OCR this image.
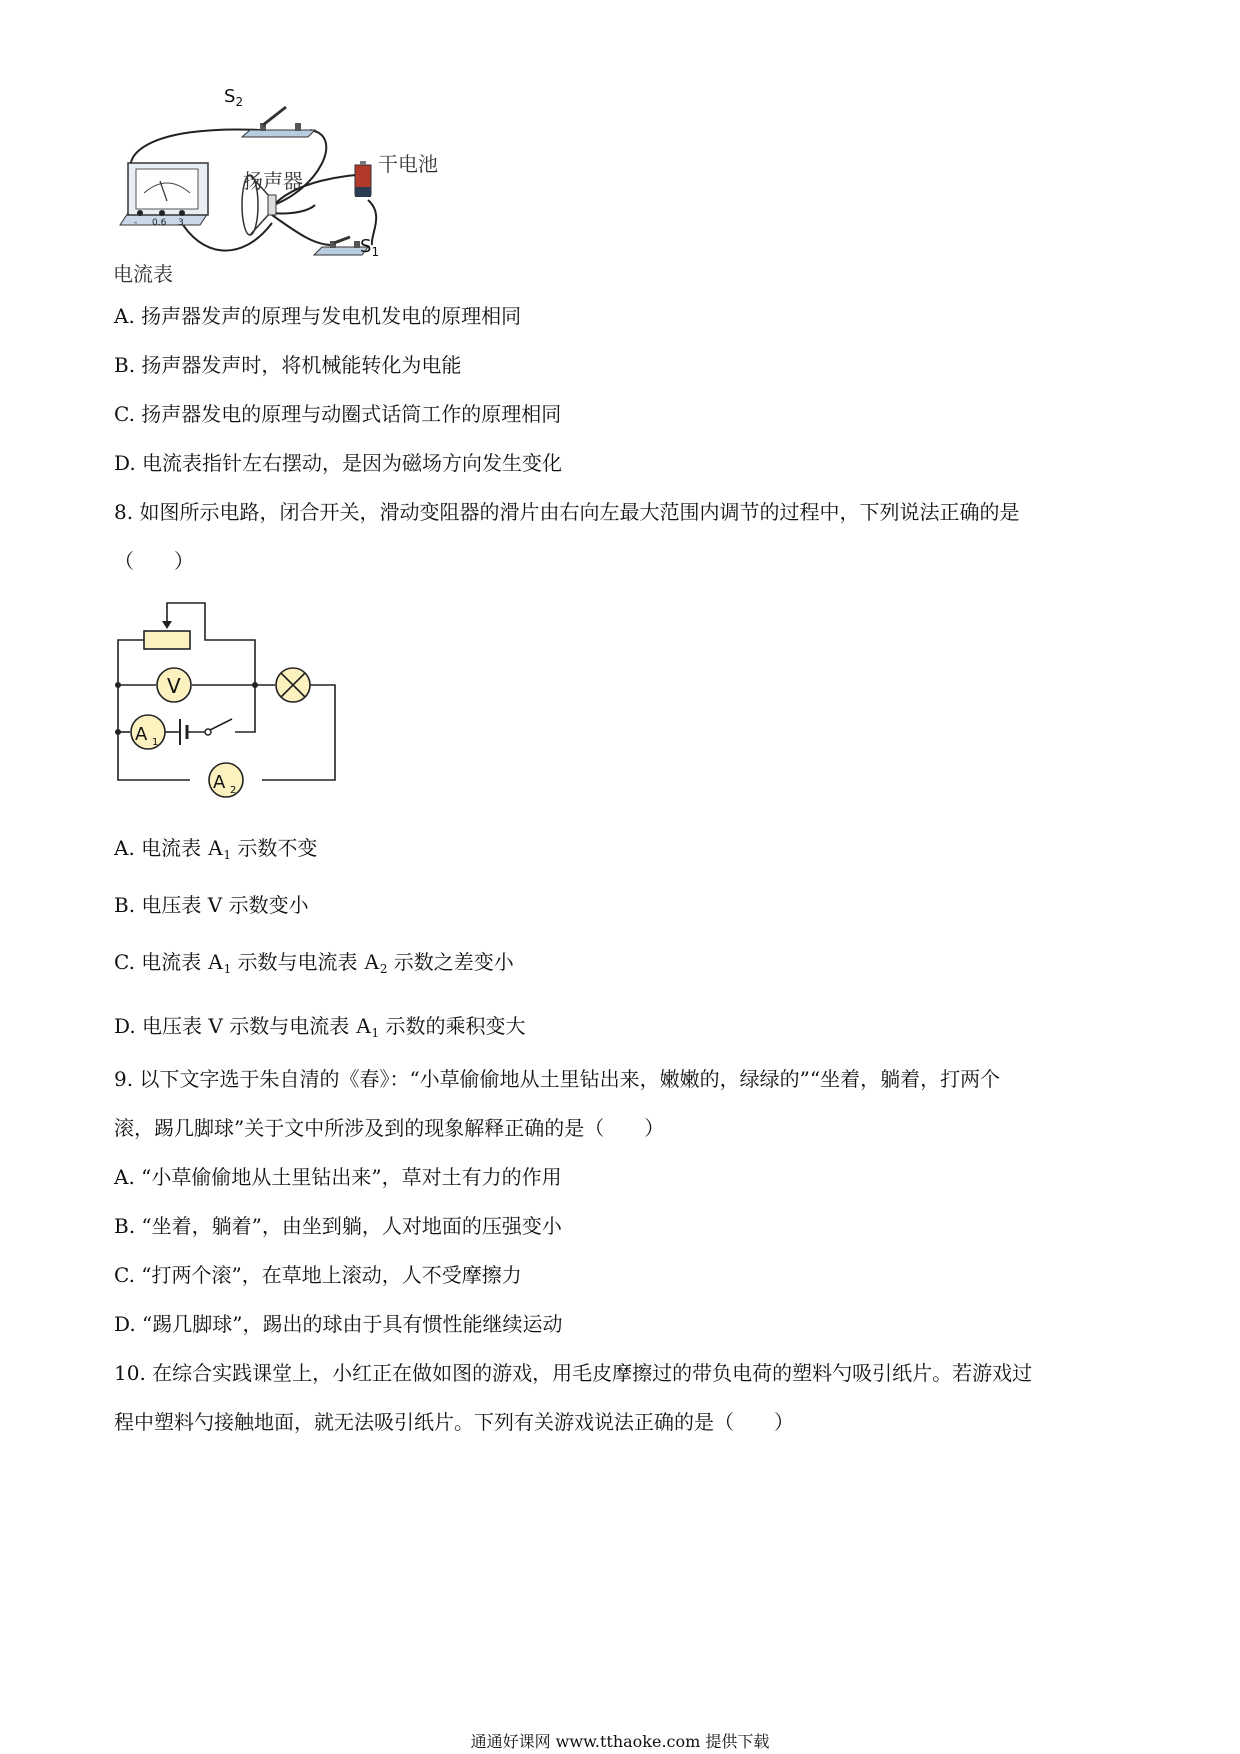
- 0.6 3
$S_2$
扬声器
干电池
$S_1$
电流表
A. 扬声器发声的原理与发电机发电的原理相同
B. 扬声器发声时，将机械能转化为电能
C. 扬声器发电的原理与动圈式话筒工作的原理相同
D. 电流表指针左右摆动，是因为磁场方向发生变化
8. 如图所示电路，闭合开关，滑动变阻器的滑片由右向左最大范围内调节的过程中，下列说法正确的是
（　　）
V
A 1
A 2
A. 电流表 $A_1$ 示数不变
B. 电压表 V 示数变小
C. 电流表 $A_1$ 示数与电流表 $A_2$ 示数之差变小
D. 电压表 V 示数与电流表 $A_1$ 示数的乘积变大
9. 以下文字选于朱自清的《春》：“小草偷偷地从土里钻出来，嫩嫩的，绿绿的”“坐着，躺着，打两个
滚，踢几脚球”关于文中所涉及到的现象解释正确的是（　　）
A. “小草偷偷地从土里钻出来”，草对土有力的作用
B. “坐着，躺着”，由坐到躺，人对地面的压强变小
C. “打两个滚”，在草地上滚动，人不受摩擦力
D. “踢几脚球”，踢出的球由于具有惯性能继续运动
10. 在综合实践课堂上，小红正在做如图的游戏，用毛皮摩擦过的带负电荷的塑料勺吸引纸片。若游戏过
程中塑料勺接触地面，就无法吸引纸片。下列有关游戏说法正确的是（　　）
通通好课网 www.tthaoke.com 提供下载
